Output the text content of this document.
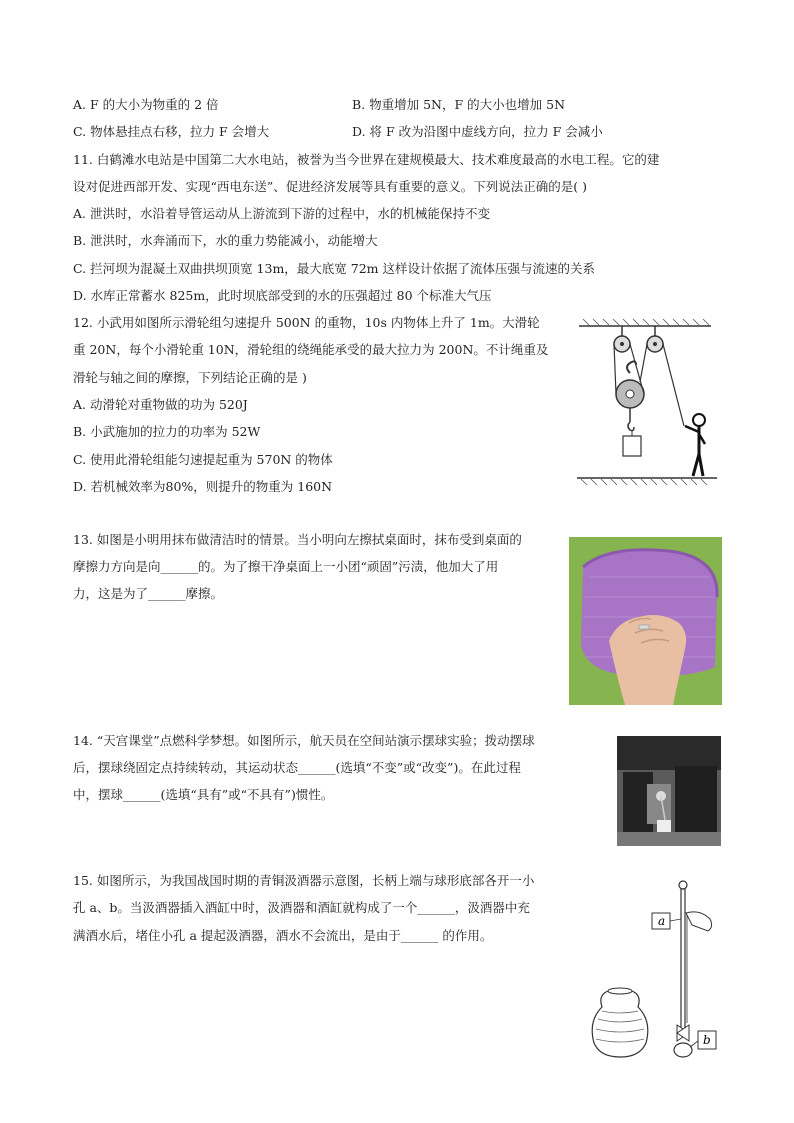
A. F 的大小为物重的 2 倍	B. 物重增加 5N，F 的大小也增加 5N
C. 物体悬挂点右移，拉力 F 会增大	D. 将 F 改为沿图中虚线方向，拉力 F 会减小
11. 白鹤滩水电站是中国第二大水电站，被誉为当今世界在建规模最大、技术难度最高的水电工程。它的建
设对促进西部开发、实现“西电东送”、促进经济发展等具有重要的意义。下列说法正确的是( )
A. 泄洪时，水沿着导管运动从上游流到下游的过程中，水的机械能保持不变
B. 泄洪时，水奔涌而下，水的重力势能减小，动能增大
C. 拦河坝为混凝土双曲拱坝顶宽 13m，最大底宽 72m 这样设计依据了流体压强与流速的关系
D. 水库正常蓄水 825m，此时坝底部受到的水的压强超过 80 个标准大气压
12. 小武用如图所示滑轮组匀速提升 500N 的重物，10s 内物体上升了 1m。大滑轮
重 20N，每个小滑轮重 10N，滑轮组的绕绳能承受的最大拉力为 200N。不计绳重及
滑轮与轴之间的摩擦，下列结论正确的是 )
A. 动滑轮对重物做的功为 520J
B. 小武施加的拉力的功率为 52W
C. 使用此滑轮组能匀速提起重为 570N 的物体
D. 若机械效率为80%，则提升的物重为 160N
13. 如图是小明用抹布做清洁时的情景。当小明向左擦拭桌面时，抹布受到桌面的
摩擦力方向是向______的。为了擦干净桌面上一小团“顽固”污渍，他加大了用
力，这是为了______摩擦。
14. “天宫课堂”点燃科学梦想。如图所示，航天员在空间站演示摆球实验；拨动摆球
后，摆球绕固定点持续转动，其运动状态______(选填“不变”或“改变”)。在此过程
中，摆球______(选填“具有”或“不具有”)惯性。
15. 如图所示，为我国战国时期的青铜汲酒器示意图，长柄上端与球形底部各开一小
孔 a、b。当汲酒器插入酒缸中时，汲酒器和酒缸就构成了一个______，汲酒器中充
满酒水后，堵住小孔 a 提起汲酒器，酒水不会流出，是由于______ 的作用。
a
b
